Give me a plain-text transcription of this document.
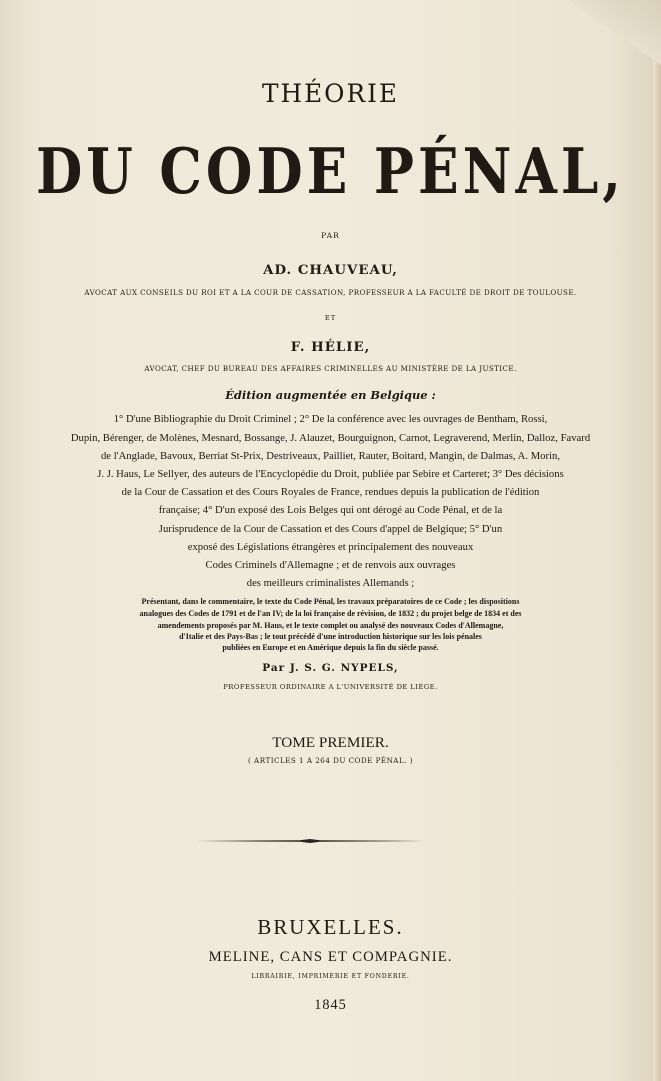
THÉORIE

DU CODE PÉNAL,

PAR

AD. CHAUVEAU,

AVOCAT AUX CONSEILS DU ROI ET A LA COUR DE CASSATION, PROFESSEUR A LA FACULTÉ DE DROIT DE TOULOUSE.

ET

F. HÉLIE,

AVOCAT, CHEF DU BUREAU DES AFFAIRES CRIMINELLES AU MINISTÈRE DE LA JUSTICE.

Édition augmentée en Belgique :

1° D'une Bibliographie du Droit Criminel ; 2° De la conférence avec les ouvrages de Bentham, Rossi,

Dupin, Bérenger, de Molènes, Mesnard, Bossange, J. Alauzet, Bourguignon, Carnot, Legraverend, Merlin, Dalloz, Favard

de l'Anglade, Bavoux, Berriat St-Prix, Destriveaux, Pailliet, Rauter, Boitard, Mangin, de Dalmas, A. Morin,

J. J. Haus, Le Sellyer, des auteurs de l'Encyclopédie du Droit, publiée par Sebire et Carteret; 3° Des décisions

de la Cour de Cassation et des Cours Royales de France, rendues depuis la publication de l'édition

française; 4° D'un exposé des Lois Belges qui ont dérogé au Code Pénal, et de la

Jurisprudence de la Cour de Cassation et des Cours d'appel de Belgique; 5° D'un

exposé des Législations étrangères et principalement des nouveaux

Codes Criminels d'Allemagne ; et de renvois aux ouvrages

des meilleurs criminalistes Allemands ;

Présentant, dans le commentaire, le texte du Code Pénal, les travaux préparatoires de ce Code ; les dispositions

analogues des Codes de 1791 et de l'an IV; de la loi française de révision, de 1832 ; du projet belge de 1834 et des

amendements proposés par M. Haus, et le texte complet ou analysé des nouveaux Codes d'Allemagne,

d'Italie et des Pays-Bas ; le tout précédé d'une introduction historique sur les lois pénales

publiées en Europe et en Amérique depuis la fin du siècle passé.

Par J. S. G. NYPELS,

PROFESSEUR ORDINAIRE A L'UNIVERSITÉ DE LIÉGE.

TOME PREMIER.

( ARTICLES 1 A 264 DU CODE PÉNAL. )

BRUXELLES.

MELINE, CANS ET COMPAGNIE.

LIBRAIRIE, IMPRIMERIE ET FONDERIE.

1845
